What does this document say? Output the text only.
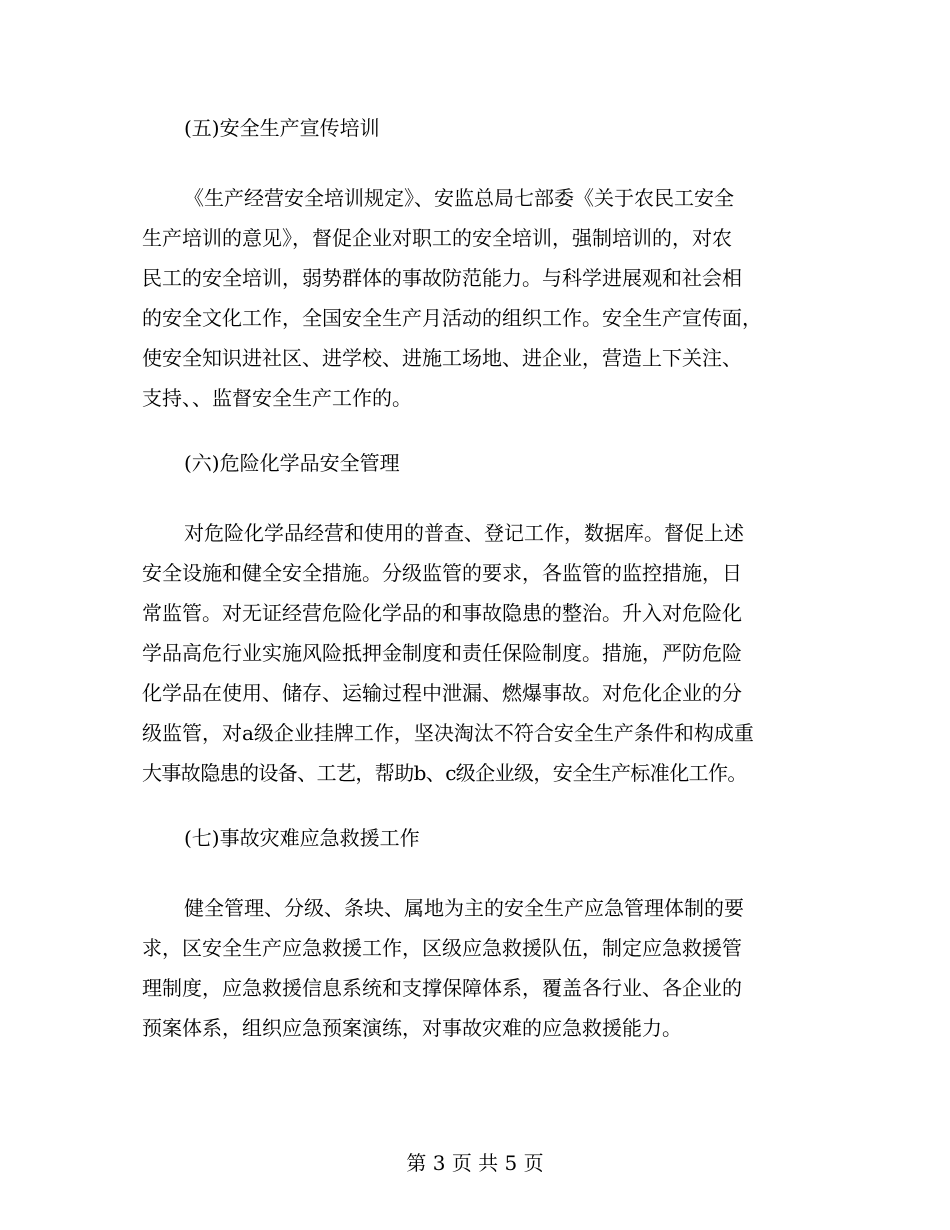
(五)安全生产宣传培训
《生产经营安全培训规定》、安监总局七部委《关于农民工安全
生产培训的意见》，督促企业对职工的安全培训，强制培训的，对农
民工的安全培训，弱势群体的事故防范能力。与科学进展观和社会相
的安全文化工作，全国安全生产月活动的组织工作。安全生产宣传面，
使安全知识进社区、进学校、进施工场地、进企业，营造上下关注、
支持、、监督安全生产工作的。
(六)危险化学品安全管理
对危险化学品经营和使用的普查、登记工作，数据库。督促上述
安全设施和健全安全措施。分级监管的要求，各监管的监控措施，日
常监管。对无证经营危险化学品的和事故隐患的整治。升入对危险化
学品高危行业实施风险抵押金制度和责任保险制度。措施，严防危险
化学品在使用、储存、运输过程中泄漏、燃爆事故。对危化企业的分
级监管，对a级企业挂牌工作，坚决淘汰不符合安全生产条件和构成重
大事故隐患的设备、工艺，帮助b、c级企业级，安全生产标准化工作。
(七)事故灾难应急救援工作
健全管理、分级、条块、属地为主的安全生产应急管理体制的要
求，区安全生产应急救援工作，区级应急救援队伍，制定应急救援管
理制度，应急救援信息系统和支撑保障体系，覆盖各行业、各企业的
预案体系，组织应急预案演练，对事故灾难的应急救援能力。
第 3 页 共 5 页
